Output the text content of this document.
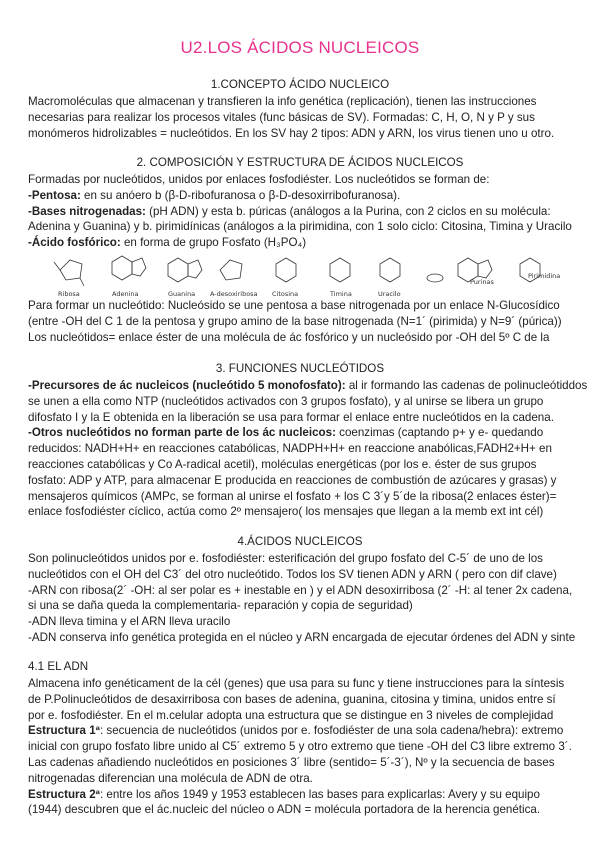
U2.LOS ÁCIDOS NUCLEICOS
1.CONCEPTO ÁCIDO NUCLEICO

Macromoléculas que almacenan y transfieren la info genética (replicación), tienen las instrucciones

necesarias para realizar los procesos vitales (func básicas de SV). Formadas: C, H, O, N y P y sus

monómeros hidrolizables = nucleótidos. En los SV hay 2 tipos: ADN y ARN, los virus tienen uno u otro.

2. COMPOSICIÓN Y ESTRUCTURA DE ÁCIDOS NUCLEICOS

Formadas por nucleótidos, unidos por enlaces fosfodiéster. Los nucleótidos se forman de:

-Pentosa: en su anóero b (β-D-ribofuranosa o β-D-desoxirribofuranosa).

-Bases nitrogenadas: (pH ADN) y esta b. púricas (análogos a la Purina, con 2 ciclos en su molécula:

Adenina y Guanina) y b. pirimidínicas (análogos a la pirimidina, con 1 solo ciclo: Citosina, Timina y Uracilo

-Ácido fosfórico: en forma de grupo Fosfato (H₃PO₄)

Ribosa	Adenina	Guanina A-desoxiribosa Citosina	Timina	Uracilo
Purinas
Pirimidina

Para formar un nucleótido: Nucleósido se une pentosa a base nitrogenada por un enlace N-Glucosídico

(entre -OH del C 1 de la pentosa y grupo amino de la base nitrogenada (N=1´ (pirimida) y N=9´ (púrica))

Los nucleótidos= enlace éster de una molécula de ác fosfórico y un nucleósido por -OH del 5º C de la

3. FUNCIONES NUCLEÓTIDOS

-Precursores de ác nucleicos (nucleótido 5 monofosfato): al ir formando las cadenas de polinucleótiddos

se unen a ella como NTP (nucleótidos activados con 3 grupos fosfato), y al unirse se libera un grupo

difosfato I y la E obtenida en la liberación se usa para formar el enlace entre nucleótidos en la cadena.

-Otros nucleótidos no forman parte de los ác nucleicos: coenzimas (captando p+ y e- quedando

reducidos: NADH+H+ en reacciones catabólicas, NADPH+H+ en reaccione anabólicas,FADH2+H+ en

reacciones catabólicas y Co A-radical acetil), moléculas energéticas (por los e. éster de sus grupos

fosfato: ADP y ATP, para almacenar E producida en reacciones de combustión de azúcares y grasas) y

mensajeros químicos (AMPc, se forman al unirse el fosfato + los C 3´y 5´de la ribosa(2 enlaces éster)=

enlace fosfodiéster cíclico, actúa como 2º mensajero( los mensajes que llegan a la memb ext int cél)

4.ÁCIDOS NUCLEICOS

Son polinucleótidos unidos por e. fosfodiéster: esterificación del grupo fosfato del C-5´ de uno de los

nucleótidos con el OH del C3´ del otro nucleótido. Todos los SV tienen ADN y ARN ( pero con dif clave)

-ARN con ribosa(2´ -OH: al ser polar es + inestable en ) y el ADN desoxirribosa (2´ -H: al tener 2x cadena,

si una se daña queda la complementaria- reparación y copia de seguridad)

-ADN lleva timina y el ARN lleva uracilo

-ADN conserva info genética protegida en el núcleo y ARN encargada de ejecutar órdenes del ADN y sinte

4.1 EL ADN

Almacena info genéticament de la cél (genes) que usa para su func y tiene instrucciones para la síntesis

de P.Polinucleótidos de desaxirribosa con bases de adenina, guanina, citosina y timina, unidos entre sí

por e. fosfodiéster. En el m.celular adopta una estructura que se distingue en 3 niveles de complejidad

Estructura 1ª: secuencia de nucleótidos (unidos por e. fosfodiéster de una sola cadena/hebra): extremo

inicial con grupo fosfato libre unido al C5´ extremo 5 y otro extremo que tiene -OH del C3 libre extremo 3´.

Las cadenas añadiendo nucleótidos en posiciones 3´ libre (sentido= 5´-3´), Nº y la secuencia de bases

nitrogenadas diferencian una molécula de ADN de otra.

Estructura 2ª: entre los años 1949 y 1953 establecen las bases para explicarlas: Avery y su equipo

(1944) descubren que el ác.nucleic del núcleo o ADN = molécula portadora de la herencia genética.
